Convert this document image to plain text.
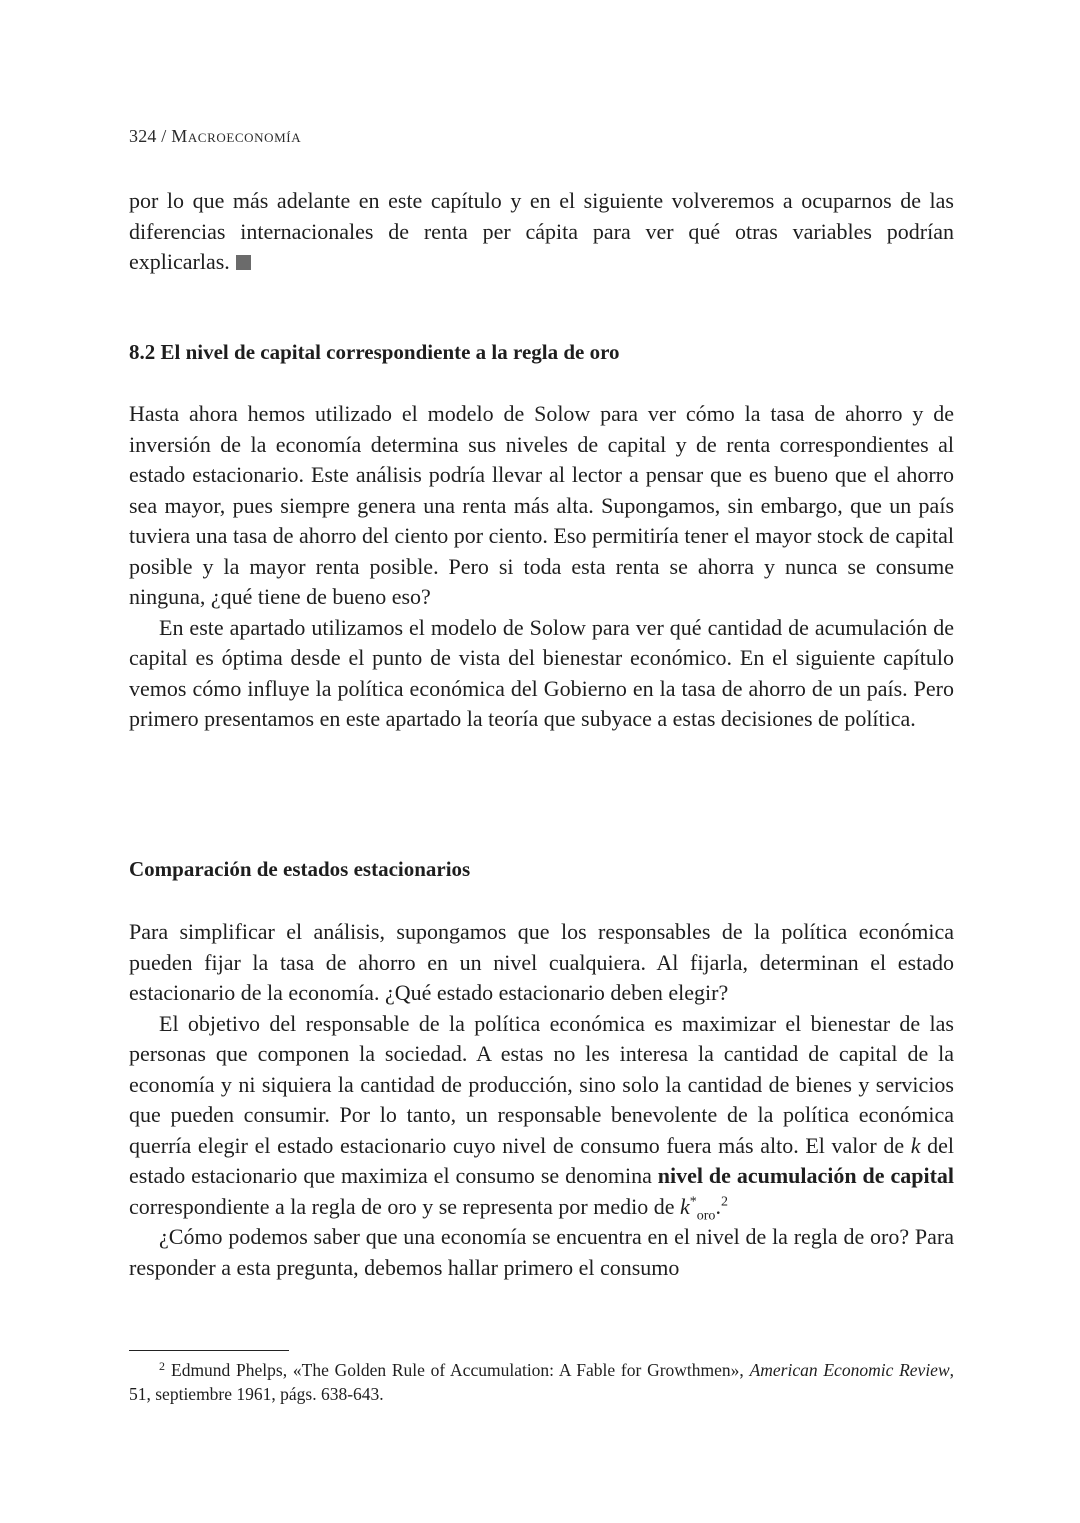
324 / Macroeconomía

por lo que más adelante en este capítulo y en el siguiente volveremos a ocuparnos de las diferencias internacionales de renta per cápita para ver qué otras variables podrían explicarlas.

8.2 El nivel de capital correspondiente a la regla de oro

Hasta ahora hemos utilizado el modelo de Solow para ver cómo la tasa de ahorro y de inversión de la economía determina sus niveles de capital y de renta correspondientes al estado estacionario. Este análisis podría llevar al lector a pensar que es bueno que el ahorro sea mayor, pues siempre genera una renta más alta. Supongamos, sin embargo, que un país tuviera una tasa de ahorro del ciento por ciento. Eso permitiría tener el mayor stock de capital posible y la mayor renta posible. Pero si toda esta renta se ahorra y nunca se consume ninguna, ¿qué tiene de bueno eso?

En este apartado utilizamos el modelo de Solow para ver qué cantidad de acumulación de capital es óptima desde el punto de vista del bienestar económico. En el siguiente capítulo vemos cómo influye la política económica del Gobierno en la tasa de ahorro de un país. Pero primero presentamos en este apartado la teoría que subyace a estas decisiones de política.

Comparación de estados estacionarios

Para simplificar el análisis, supongamos que los responsables de la política económica pueden fijar la tasa de ahorro en un nivel cualquiera. Al fijarla, determinan el estado estacionario de la economía. ¿Qué estado estacionario deben elegir?

El objetivo del responsable de la política económica es maximizar el bienestar de las personas que componen la sociedad. A estas no les interesa la cantidad de capital de la economía y ni siquiera la cantidad de producción, sino solo la cantidad de bienes y servicios que pueden consumir. Por lo tanto, un responsable benevolente de la política económica querría elegir el estado estacionario cuyo nivel de consumo fuera más alto. El valor de k del estado estacionario que maximiza el consumo se denomina nivel de acumulación de capital correspondiente a la regla de oro y se representa por medio de $k^*_{oro}.^2$

¿Cómo podemos saber que una economía se encuentra en el nivel de la regla de oro? Para responder a esta pregunta, debemos hallar primero el consumo

$^2$ Edmund Phelps, «The Golden Rule of Accumulation: A Fable for Growthmen», American Economic Review, 51, septiembre 1961, págs. 638-643.
